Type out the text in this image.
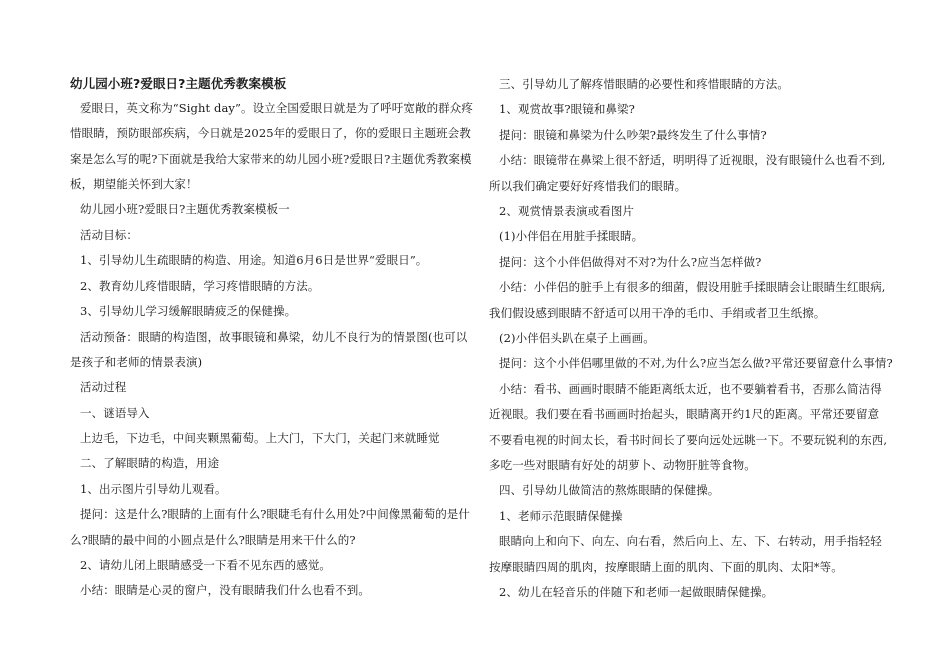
幼儿园小班?爱眼日?主题优秀教案模板
爱眼日，英文称为“Sight day”。设立全国爱眼日就是为了呼吁宽敞的群众疼
惜眼睛，预防眼部疾病，今日就是2025年的爱眼日了，你的爱眼日主题班会教
案是怎么写的呢?下面就是我给大家带来的幼儿园小班?爱眼日?主题优秀教案模
板，期望能关怀到大家！
幼儿园小班?爱眼日?主题优秀教案模板一
活动目标：
1、引导幼儿生疏眼睛的构造、用途。知道6月6日是世界“爱眼日”。
2、教育幼儿疼惜眼睛，学习疼惜眼睛的方法。
3、引导幼儿学习缓解眼睛疲乏的保健操。
活动预备：眼睛的构造图，故事眼镜和鼻梁，幼儿不良行为的情景图(也可以
是孩子和老师的情景表演)
活动过程
一、谜语导入
上边毛，下边毛，中间夹颗黑葡萄。上大门，下大门，关起门来就睡觉
二、了解眼睛的构造，用途
1、出示图片引导幼儿观看。
提问：这是什么?眼睛的上面有什么?眼睫毛有什么用处?中间像黑葡萄的是什
么?眼睛的最中间的小圆点是什么?眼睛是用来干什么的?
2、请幼儿闭上眼睛感受一下看不见东西的感觉。
小结：眼睛是心灵的窗户，没有眼睛我们什么也看不到。
三、引导幼儿了解疼惜眼睛的必要性和疼惜眼睛的方法。
1、观赏故事?眼镜和鼻梁?
提问：眼镜和鼻梁为什么吵架?最终发生了什么事情?
小结：眼镜带在鼻梁上很不舒适，明明得了近视眼，没有眼镜什么也看不到,
所以我们确定要好好疼惜我们的眼睛。
2、观赏情景表演或看图片
(1)小伴侣在用脏手揉眼睛。
提问：这个小伴侣做得对不对?为什么?应当怎样做?
小结：小伴侣的脏手上有很多的细菌，假设用脏手揉眼睛会让眼睛生红眼病,
我们假设感到眼睛不舒适可以用干净的毛巾、手绢或者卫生纸擦。
(2)小伴侣头趴在桌子上画画。
提问：这个小伴侣哪里做的不对,为什么?应当怎么做?平常还要留意什么事情?
小结：看书、画画时眼睛不能距离纸太近，也不要躺着看书，否那么简洁得
近视眼。我们要在看书画画时抬起头，眼睛离开约1尺的距离。平常还要留意
不要看电视的时间太长，看书时间长了要向远处远眺一下。不要玩锐利的东西,
多吃一些对眼睛有好处的胡萝卜、动物肝脏等食物。
四、引导幼儿做简洁的熬炼眼睛的保健操。
1、老师示范眼睛保健操
眼睛向上和向下、向左、向右看，然后向上、左、下、右转动，用手指轻轻
按摩眼睛四周的肌肉，按摩眼睛上面的肌肉、下面的肌肉、太阳*等。
2、幼儿在轻音乐的伴随下和老师一起做眼睛保健操。
